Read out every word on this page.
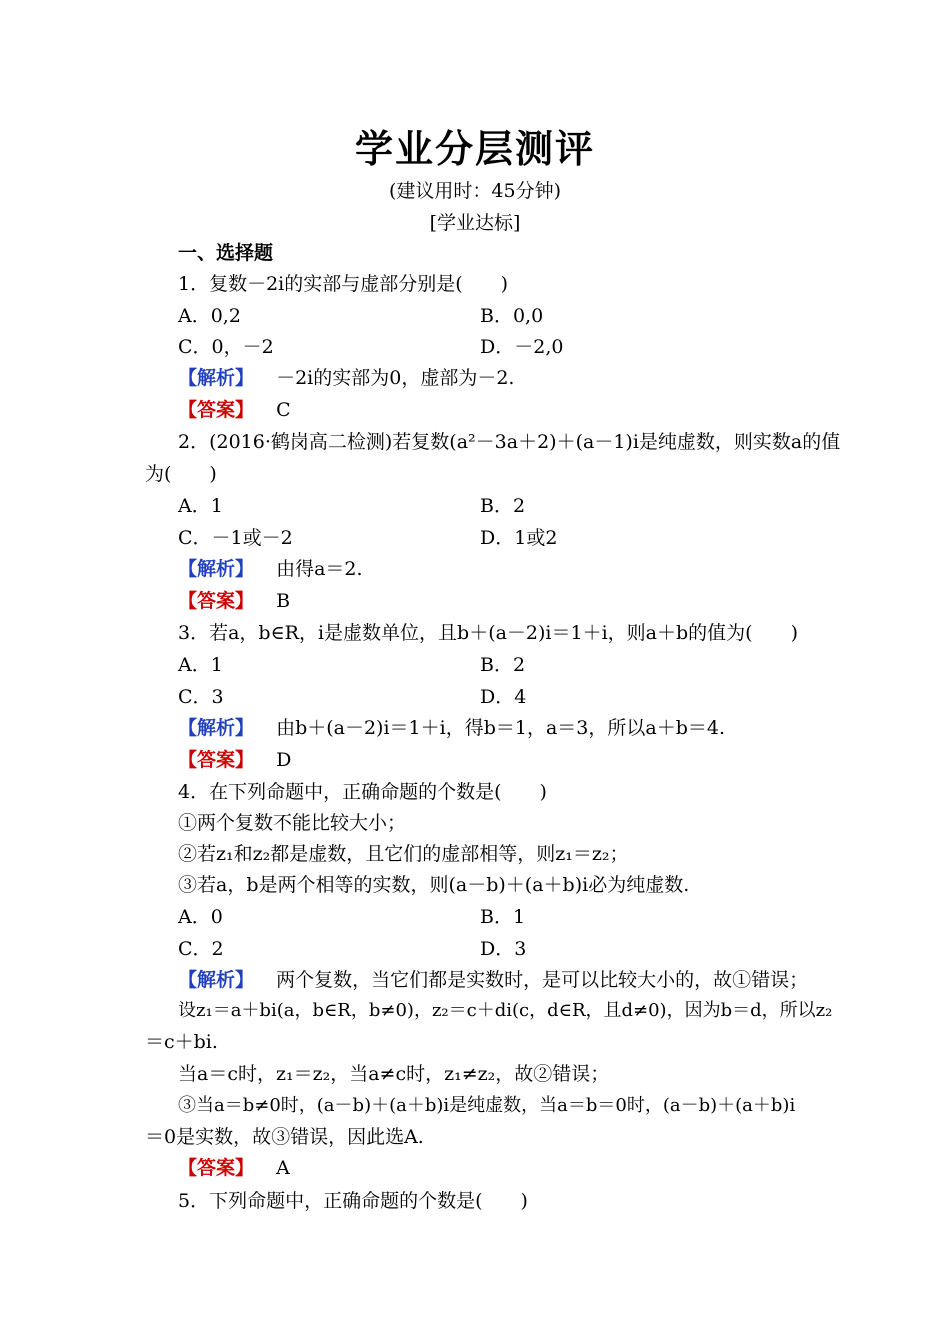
学业分层测评
(建议用时：45分钟)
[学业达标]
一、选择题
1．复数－2i的实部与虚部分别是(　　)
A．0,2	B．0,0
C．0，－2	D．－2,0
【解析】 －2i的实部为0，虚部为－2.
【答案】 C
2．(2016·鹤岗高二检测)若复数(a²－3a＋2)＋(a－1)i是纯虚数，则实数a的值
为(　　)
A．1	B．2
C．－1或－2	D．1或2
【解析】 由得a＝2.
【答案】 B
3．若a，b∈R，i是虚数单位，且b＋(a－2)i＝1＋i，则a＋b的值为(　　)
A．1	B．2
C．3	D．4
【解析】 由b＋(a－2)i＝1＋i，得b＝1，a＝3，所以a＋b＝4.
【答案】 D
4．在下列命题中，正确命题的个数是(　　)
①两个复数不能比较大小；
②若z₁和z₂都是虚数，且它们的虚部相等，则z₁＝z₂；
③若a，b是两个相等的实数，则(a－b)＋(a＋b)i必为纯虚数.
A．0	B．1
C．2	D．3
【解析】 两个复数，当它们都是实数时，是可以比较大小的，故①错误；
设z₁＝a＋bi(a，b∈R，b≠0)，z₂＝c＋di(c，d∈R，且d≠0)，因为b＝d，所以z₂
＝c＋bi.
当a＝c时，z₁＝z₂，当a≠c时，z₁≠z₂，故②错误；
③当a＝b≠0时，(a－b)＋(a＋b)i是纯虚数，当a＝b＝0时，(a－b)＋(a＋b)i
＝0是实数，故③错误，因此选A.
【答案】 A
5．下列命题中，正确命题的个数是(　　)
